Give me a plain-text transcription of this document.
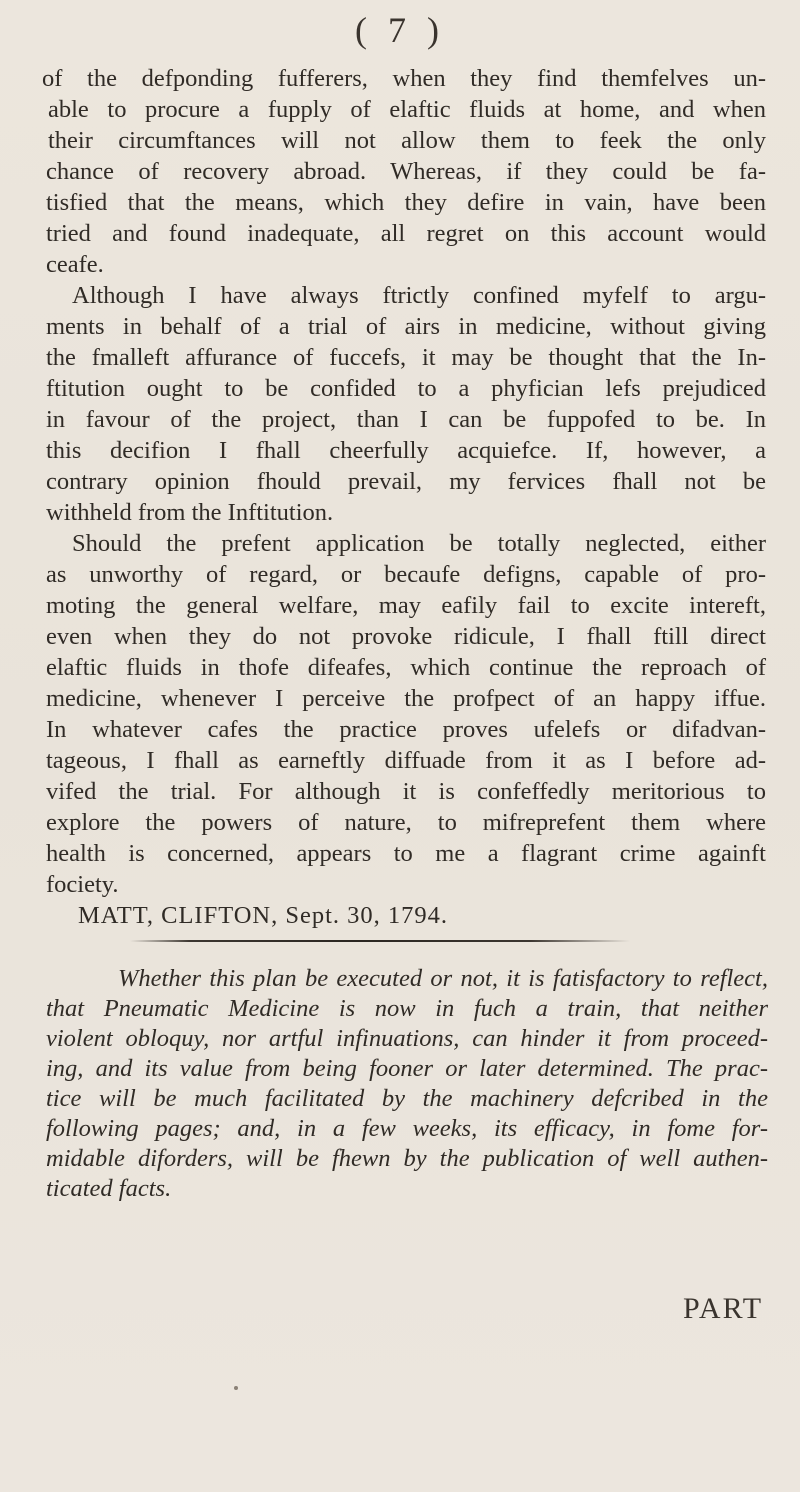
( 7 )
of the defponding fufferers, when they find themfelves un-
able to procure a fupply of elaftic fluids at home, and when
their circumftances will not allow them to feek the only
chance of recovery abroad. Whereas, if they could be fa-
tisfied that the means, which they defire in vain, have been
tried and found inadequate, all regret on this account would
ceafe.
Although I have always ftrictly confined myfelf to argu-
ments in behalf of a trial of airs in medicine, without giving
the fmalleft affurance of fuccefs, it may be thought that the In-
ftitution ought to be confided to a phyfician lefs prejudiced
in favour of the project, than I can be fuppofed to be. In
this decifion I fhall cheerfully acquiefce. If, however, a
contrary opinion fhould prevail, my fervices fhall not be
withheld from the Inftitution.
Should the prefent application be totally neglected, either
as unworthy of regard, or becaufe defigns, capable of pro-
moting the general welfare, may eafily fail to excite intereft,
even when they do not provoke ridicule, I fhall ftill direct
elaftic fluids in thofe difeafes, which continue the reproach of
medicine, whenever I perceive the profpect of an happy iffue.
In whatever cafes the practice proves ufelefs or difadvan-
tageous, I fhall as earneftly diffuade from it as I before ad-
vifed the trial. For although it is confeffedly meritorious to
explore the powers of nature, to mifreprefent them where
health is concerned, appears to me a flagrant crime againft
fociety.
MATT, CLIFTON, Sept. 30, 1794.
Whether this plan be executed or not, it is fatisfactory to reflect,
that Pneumatic Medicine is now in fuch a train, that neither
violent obloquy, nor artful infinuations, can hinder it from proceed-
ing, and its value from being fooner or later determined. The prac-
tice will be much facilitated by the machinery defcribed in the
following pages; and, in a few weeks, its efficacy, in fome for-
midable diforders, will be fhewn by the publication of well authen-
ticated facts.
PART
